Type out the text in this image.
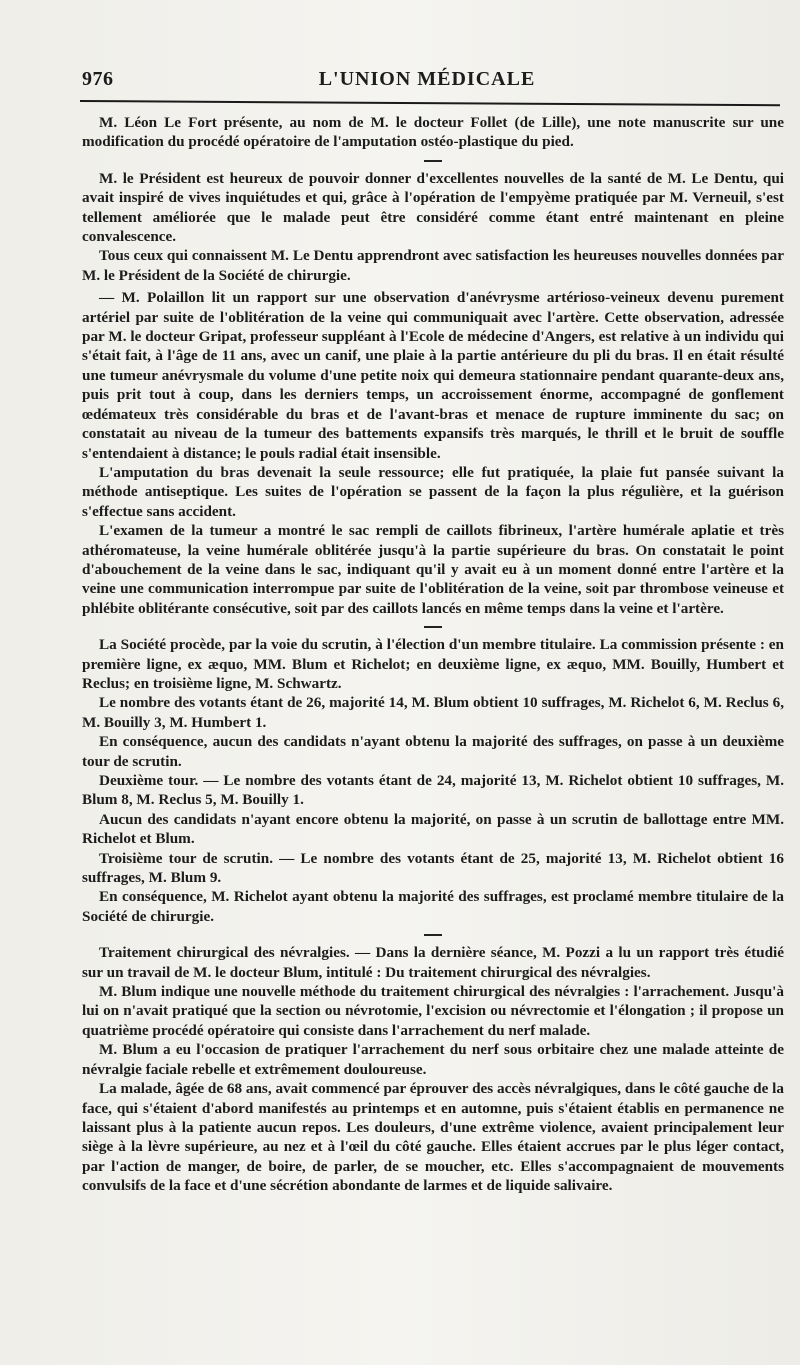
976	L'UNION MÉDICALE

M. Léon Le Fort présente, au nom de M. le docteur Follet (de Lille), une note manuscrite sur une modification du procédé opératoire de l'amputation ostéo-plastique du pied.

M. le Président est heureux de pouvoir donner d'excellentes nouvelles de la santé de M. Le Dentu, qui avait inspiré de vives inquiétudes et qui, grâce à l'opération de l'empyème pratiquée par M. Verneuil, s'est tellement améliorée que le malade peut être considéré comme étant entré maintenant en pleine convalescence.

Tous ceux qui connaissent M. Le Dentu apprendront avec satisfaction les heureuses nouvelles données par M. le Président de la Société de chirurgie.

— M. Polaillon lit un rapport sur une observation d'anévrysme artérioso-veineux devenu purement artériel par suite de l'oblitération de la veine qui communiquait avec l'artère. Cette observation, adressée par M. le docteur Gripat, professeur suppléant à l'Ecole de médecine d'Angers, est relative à un individu qui s'était fait, à l'âge de 11 ans, avec un canif, une plaie à la partie antérieure du pli du bras. Il en était résulté une tumeur anévrysmale du volume d'une petite noix qui demeura stationnaire pendant quarante-deux ans, puis prit tout à coup, dans les derniers temps, un accroissement énorme, accompagné de gonflement œdémateux très considérable du bras et de l'avant-bras et menace de rupture imminente du sac; on constatait au niveau de la tumeur des battements expansifs très marqués, le thrill et le bruit de souffle s'entendaient à distance; le pouls radial était insensible.

L'amputation du bras devenait la seule ressource; elle fut pratiquée, la plaie fut pansée suivant la méthode antiseptique. Les suites de l'opération se passent de la façon la plus régulière, et la guérison s'effectue sans accident.

L'examen de la tumeur a montré le sac rempli de caillots fibrineux, l'artère humérale aplatie et très athéromateuse, la veine humérale oblitérée jusqu'à la partie supérieure du bras. On constatait le point d'abouchement de la veine dans le sac, indiquant qu'il y avait eu à un moment donné entre l'artère et la veine une communication interrompue par suite de l'oblitération de la veine, soit par thrombose veineuse et phlébite oblitérante consécutive, soit par des caillots lancés en même temps dans la veine et l'artère.

La Société procède, par la voie du scrutin, à l'élection d'un membre titulaire. La commission présente : en première ligne, ex æquo, MM. Blum et Richelot; en deuxième ligne, ex æquo, MM. Bouilly, Humbert et Reclus; en troisième ligne, M. Schwartz.

Le nombre des votants étant de 26, majorité 14, M. Blum obtient 10 suffrages, M. Richelot 6, M. Reclus 6, M. Bouilly 3, M. Humbert 1.

En conséquence, aucun des candidats n'ayant obtenu la majorité des suffrages, on passe à un deuxième tour de scrutin.

Deuxième tour. — Le nombre des votants étant de 24, majorité 13, M. Richelot obtient 10 suffrages, M. Blum 8, M. Reclus 5, M. Bouilly 1.

Aucun des candidats n'ayant encore obtenu la majorité, on passe à un scrutin de ballottage entre MM. Richelot et Blum.

Troisième tour de scrutin. — Le nombre des votants étant de 25, majorité 13, M. Richelot obtient 16 suffrages, M. Blum 9.

En conséquence, M. Richelot ayant obtenu la majorité des suffrages, est proclamé membre titulaire de la Société de chirurgie.

Traitement chirurgical des névralgies. — Dans la dernière séance, M. Pozzi a lu un rapport très étudié sur un travail de M. le docteur Blum, intitulé : Du traitement chirurgical des névralgies.

M. Blum indique une nouvelle méthode du traitement chirurgical des névralgies : l'arrachement. Jusqu'à lui on n'avait pratiqué que la section ou névrotomie, l'excision ou névrectomie et l'élongation ; il propose un quatrième procédé opératoire qui consiste dans l'arrachement du nerf malade.

M. Blum a eu l'occasion de pratiquer l'arrachement du nerf sous orbitaire chez une malade atteinte de névralgie faciale rebelle et extrêmement douloureuse.

La malade, âgée de 68 ans, avait commencé par éprouver des accès névralgiques, dans le côté gauche de la face, qui s'étaient d'abord manifestés au printemps et en automne, puis s'étaient établis en permanence ne laissant plus à la patiente aucun repos. Les douleurs, d'une extrême violence, avaient principalement leur siège à la lèvre supérieure, au nez et à l'œil du côté gauche. Elles étaient accrues par le plus léger contact, par l'action de manger, de boire, de parler, de se moucher, etc. Elles s'accompagnaient de mouvements convulsifs de la face et d'une sécrétion abondante de larmes et de liquide salivaire.
